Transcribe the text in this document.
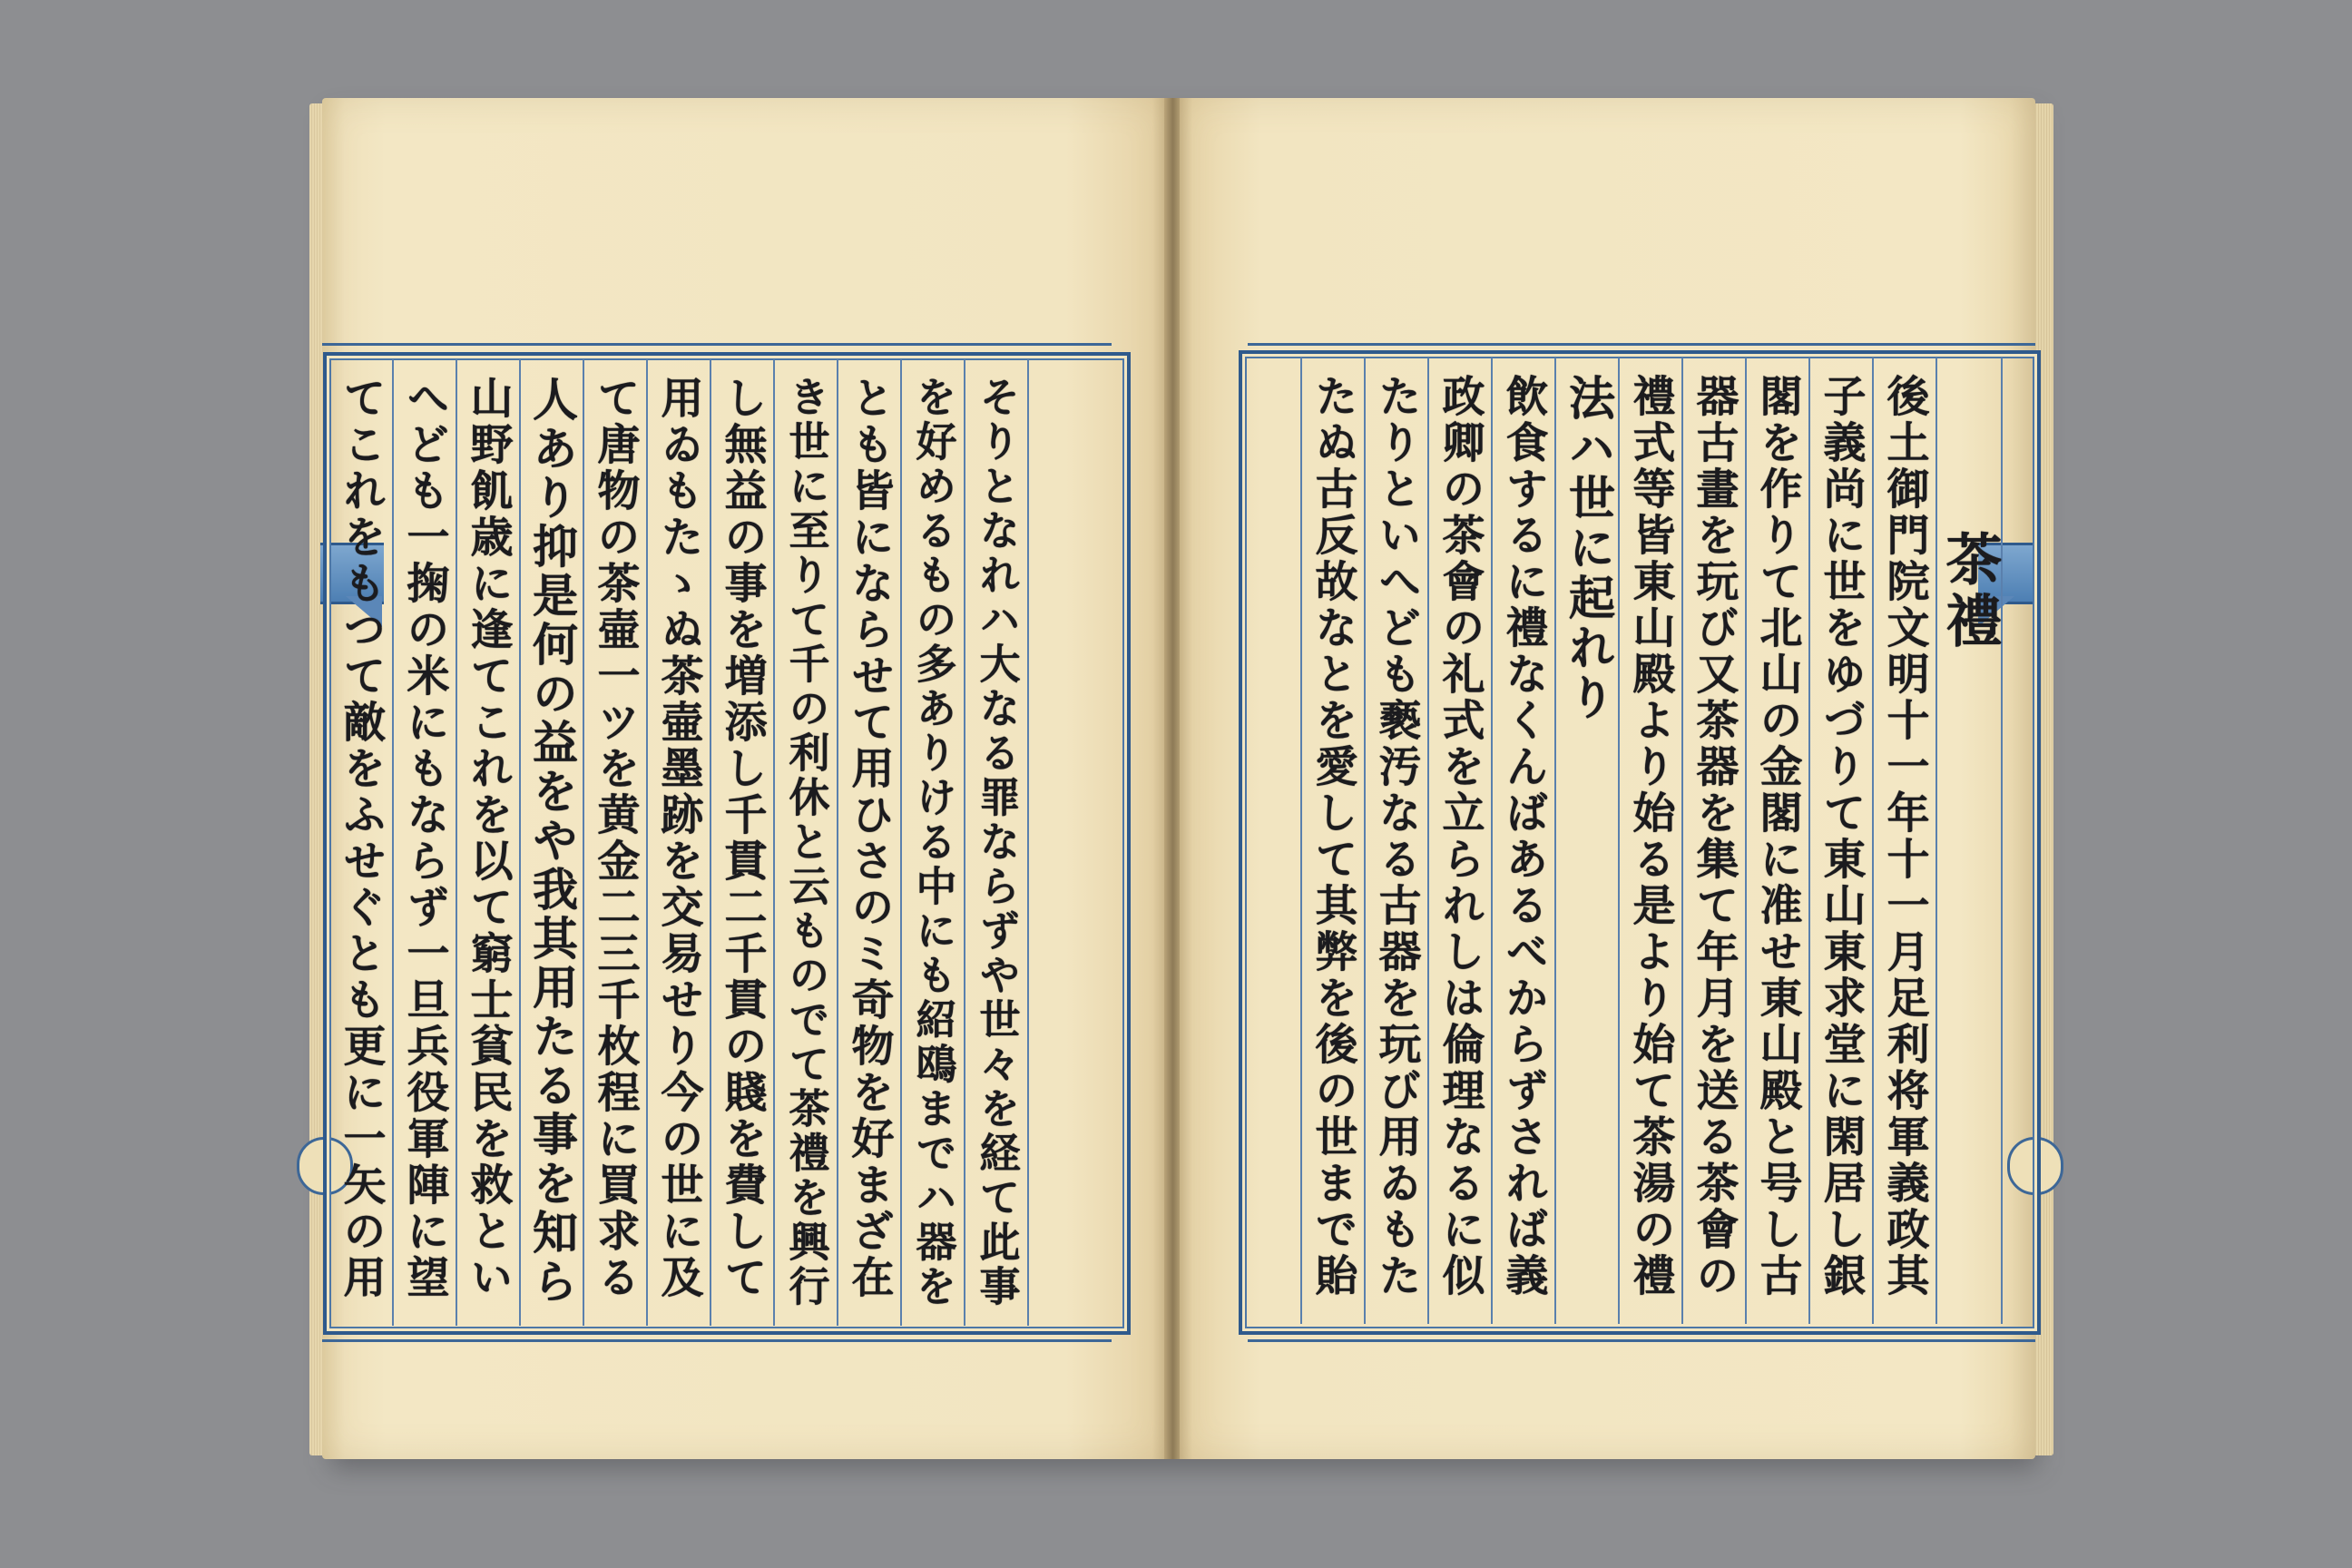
てこれをもつて敵をふせぐとも更に一矢の用 へども一掬の米にもならず一旦兵役軍陣に望 山野飢歳に逢てこれを以て窮士貧民を救とい 人あり抑是何の益をや我其用たる事を知ら て唐物の茶壷一ツを黄金二三千枚程に買求る 用ゐもたゝぬ茶壷墨跡を交易せり今の世に及 し無益の事を増添し千貫二千貫の賤を費して き世に至りて千の利休と云ものでて茶禮を興行 とも皆にならせて用ひさのミ奇物を好まざ在 を好めるもの多ありける中にも紹鴎までハ器を そりとなれハ大なる罪ならずや世々を経て此事	たぬ古反故なとを愛して其弊を後の世まで貽 たりといへども褻汚なる古器を玩び用ゐもた 政卿の茶會の礼式を立られしは倫理なるに似 飲食するに禮なくんばあるべからずされば義 法ハ世に起れり 禮式等皆東山殿より始る是より始て茶湯の禮 器古畫を玩び又茶器を集て年月を送る茶會の 閣を作りて北山の金閣に准せ東山殿と号し古 子義尚に世をゆづりて東山東求堂に閑居し銀 後土御門院文明十一年十一月足利将軍義政其 茶禮
